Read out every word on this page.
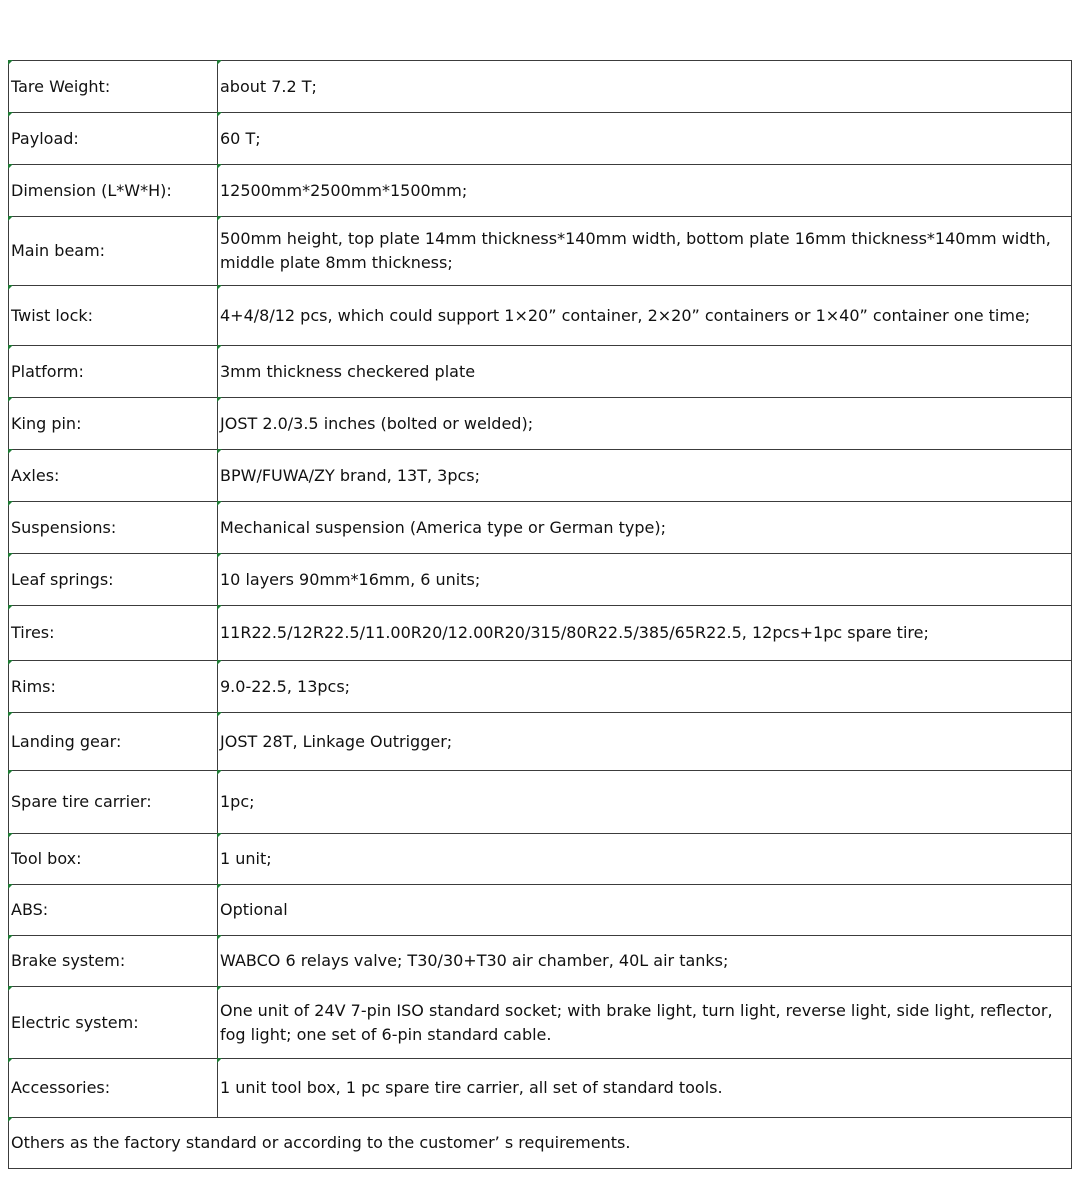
Tare Weight:	about 7.2 T;
Payload:	60 T;
Dimension (L*W*H):	12500mm*2500mm*1500mm;
Main beam:	500mm height, top plate 14mm thickness*140mm width, bottom plate 16mm thickness*140mm width, middle plate 8mm thickness;
Twist lock:	4+4/8/12 pcs, which could support 1×20” container, 2×20” containers or 1×40” container one time;
Platform:	3mm thickness checkered plate
King pin:	JOST 2.0/3.5 inches (bolted or welded);
Axles:	BPW/FUWA/ZY brand, 13T, 3pcs;
Suspensions:	Mechanical suspension (America type or German type);
Leaf springs:	10 layers 90mm*16mm, 6 units;
Tires:	11R22.5/12R22.5/11.00R20/12.00R20/315/80R22.5/385/65R22.5, 12pcs+1pc spare tire;
Rims:	9.0-22.5, 13pcs;
Landing gear:	JOST 28T, Linkage Outrigger;
Spare tire carrier:	1pc;
Tool box:	1 unit;
ABS:	Optional
Brake system:	WABCO 6 relays valve; T30/30+T30 air chamber, 40L air tanks;
Electric system:	One unit of 24V 7-pin ISO standard socket; with brake light, turn light, reverse light, side light, reflector, fog light; one set of 6-pin standard cable.
Accessories:	1 unit tool box, 1 pc spare tire carrier, all set of standard tools.
Others as the factory standard or according to the customer’ s requirements.	
